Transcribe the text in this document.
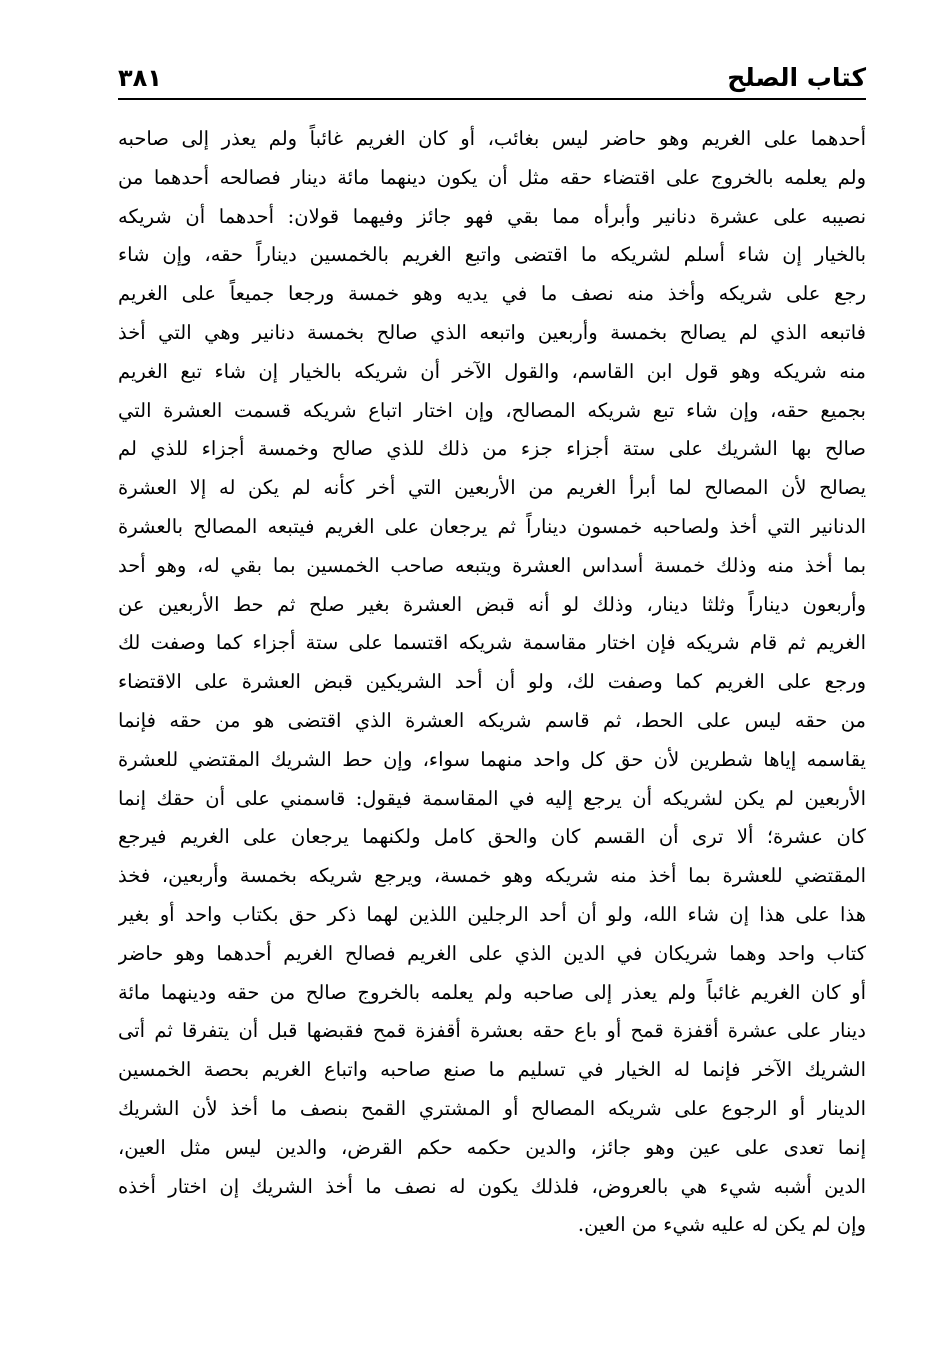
كتاب الصلح
٣٨١
أحدهما على الغريم وهو حاضر ليس بغائب، أو كان الغريم غائباً ولم يعذر إلى صاحبه
ولم يعلمه بالخروج على اقتضاء حقه مثل أن يكون دينهما مائة دينار فصالحه أحدهما من
نصيبه على عشرة دنانير وأبرأه مما بقي فهو جائز وفيهما قولان: أحدهما أن شريكه
بالخيار إن شاء أسلم لشريكه ما اقتضى واتبع الغريم بالخمسين ديناراً حقه، وإن شاء
رجع على شريكه وأخذ منه نصف ما في يديه وهو خمسة ورجعا جميعاً على الغريم
فاتبعه الذي لم يصالح بخمسة وأربعين واتبعه الذي صالح بخمسة دنانير وهي التي أخذ
منه شريكه وهو قول ابن القاسم، والقول الآخر أن شريكه بالخيار إن شاء تبع الغريم
بجميع حقه، وإن شاء تبع شريكه المصالح، وإن اختار اتباع شريكه قسمت العشرة التي
صالح بها الشريك على ستة أجزاء جزء من ذلك للذي صالح وخمسة أجزاء للذي لم
يصالح لأن المصالح لما أبرأ الغريم من الأربعين التي أخر كأنه لم يكن له إلا العشرة
الدنانير التي أخذ ولصاحبه خمسون ديناراً ثم يرجعان على الغريم فيتبعه المصالح بالعشرة
بما أخذ منه وذلك خمسة أسداس العشرة ويتبعه صاحب الخمسين بما بقي له، وهو أحد
وأربعون ديناراً وثلثا دينار، وذلك لو أنه قبض العشرة بغير صلح ثم حط الأربعين عن
الغريم ثم قام شريكه فإن اختار مقاسمة شريكه اقتسما على ستة أجزاء كما وصفت لك
ورجع على الغريم كما وصفت لك، ولو أن أحد الشريكين قبض العشرة على الاقتضاء
من حقه ليس على الحط، ثم قاسم شريكه العشرة الذي اقتضى هو من حقه فإنما
يقاسمه إياها شطرين لأن حق كل واحد منهما سواء، وإن حط الشريك المقتضي للعشرة
الأربعين لم يكن لشريكه أن يرجع إليه في المقاسمة فيقول: قاسمني على أن حقك إنما
كان عشرة؛ ألا ترى أن القسم كان والحق كامل ولكنهما يرجعان على الغريم فيرجع
المقتضي للعشرة بما أخذ منه شريكه وهو خمسة، ويرجع شريكه بخمسة وأربعين، فخذ
هذا على هذا إن شاء الله، ولو أن أحد الرجلين اللذين لهما ذكر حق بكتاب واحد أو بغير
كتاب واحد وهما شريكان في الدين الذي على الغريم فصالح الغريم أحدهما وهو حاضر
أو كان الغريم غائباً ولم يعذر إلى صاحبه ولم يعلمه بالخروج صالح من حقه ودينهما مائة
دينار على عشرة أقفزة قمح أو باع حقه بعشرة أقفزة قمح فقبضها قبل أن يتفرقا ثم أتى
الشريك الآخر فإنما له الخيار في تسليم ما صنع صاحبه واتباع الغريم بحصة الخمسين
الدينار أو الرجوع على شريكه المصالح أو المشتري القمح بنصف ما أخذ لأن الشريك
إنما تعدى على عين وهو جائز، والدين حكمه حكم القرض، والدين ليس مثل العين،
الدين أشبه شيء هي بالعروض، فلذلك يكون له نصف ما أخذ الشريك إن اختار أخذه
وإن لم يكن له عليه شيء من العين.
